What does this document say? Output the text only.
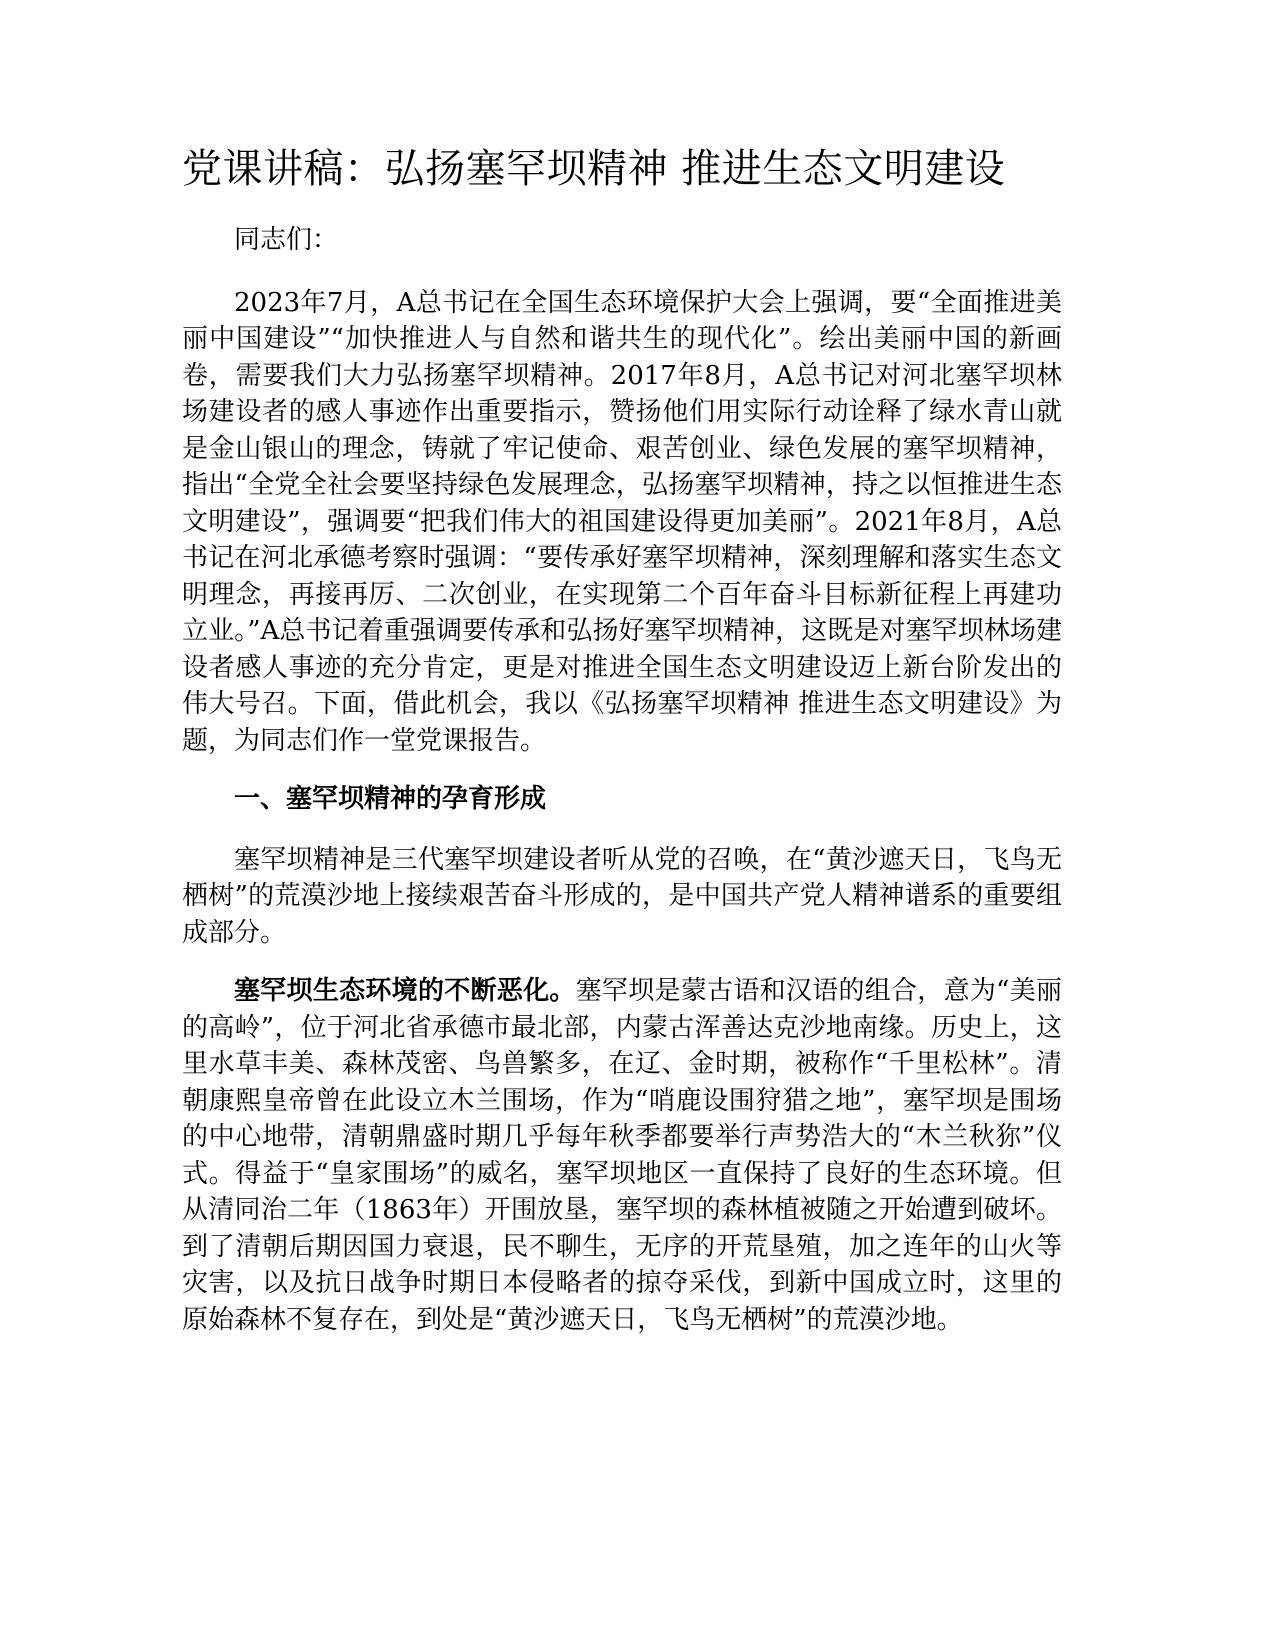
党课讲稿：弘扬塞罕坝精神 推进生态文明建设

同志们：

2023年7月，A总书记在全国生态环境保护大会上强调，要“全面推进美丽中国建设”“加快推进人与自然和谐共生的现代化”。绘出美丽中国的新画卷，需要我们大力弘扬塞罕坝精神。2017年8月，A总书记对河北塞罕坝林场建设者的感人事迹作出重要指示，赞扬他们用实际行动诠释了绿水青山就是金山银山的理念，铸就了牢记使命、艰苦创业、绿色发展的塞罕坝精神，指出“全党全社会要坚持绿色发展理念，弘扬塞罕坝精神，持之以恒推进生态文明建设”，强调要“把我们伟大的祖国建设得更加美丽”。2021年8月，A总书记在河北承德考察时强调：“要传承好塞罕坝精神，深刻理解和落实生态文明理念，再接再厉、二次创业，在实现第二个百年奋斗目标新征程上再建功立业。”A总书记着重强调要传承和弘扬好塞罕坝精神，这既是对塞罕坝林场建设者感人事迹的充分肯定，更是对推进全国生态文明建设迈上新台阶发出的伟大号召。下面，借此机会，我以《弘扬塞罕坝精神 推进生态文明建设》为题，为同志们作一堂党课报告。

一、塞罕坝精神的孕育形成

塞罕坝精神是三代塞罕坝建设者听从党的召唤，在“黄沙遮天日，飞鸟无栖树”的荒漠沙地上接续艰苦奋斗形成的，是中国共产党人精神谱系的重要组成部分。

塞罕坝生态环境的不断恶化。塞罕坝是蒙古语和汉语的组合，意为“美丽的高岭”，位于河北省承德市最北部，内蒙古浑善达克沙地南缘。历史上，这里水草丰美、森林茂密、鸟兽繁多，在辽、金时期，被称作“千里松林”。清朝康熙皇帝曾在此设立木兰围场，作为“哨鹿设围狩猎之地”，塞罕坝是围场的中心地带，清朝鼎盛时期几乎每年秋季都要举行声势浩大的“木兰秋狝”仪式。得益于“皇家围场”的威名，塞罕坝地区一直保持了良好的生态环境。但从清同治二年（1863年）开围放垦，塞罕坝的森林植被随之开始遭到破坏。到了清朝后期因国力衰退，民不聊生，无序的开荒垦殖，加之连年的山火等灾害，以及抗日战争时期日本侵略者的掠夺采伐，到新中国成立时，这里的原始森林不复存在，到处是“黄沙遮天日，飞鸟无栖树”的荒漠沙地。
